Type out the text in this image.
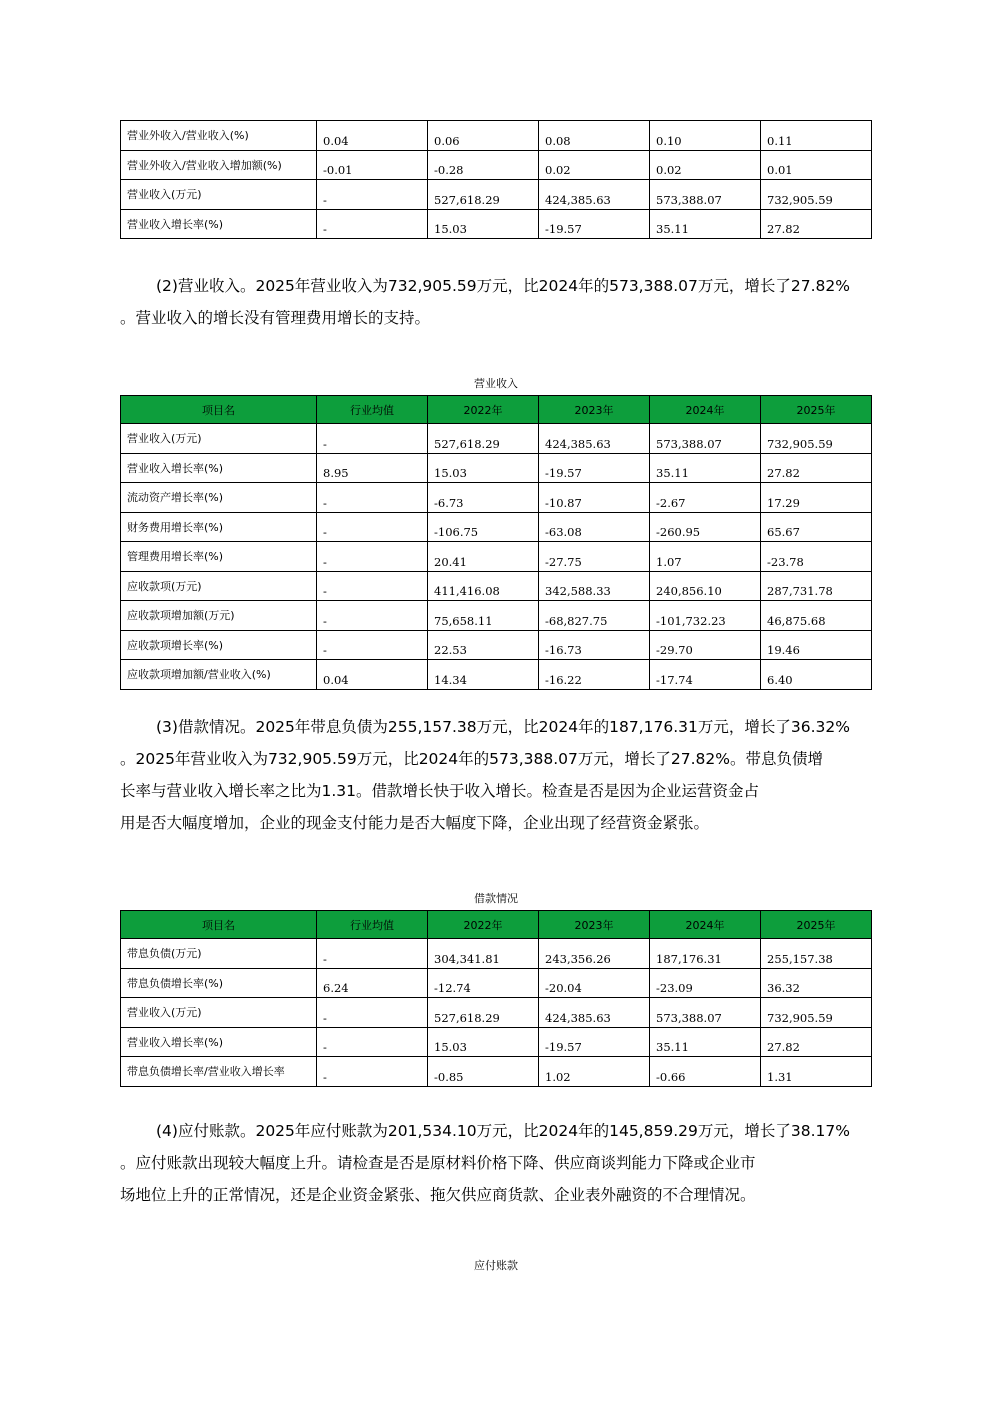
营业外收入/营业收入(%)	0.04	0.06	0.08	0.10	0.11
营业外收入/营业收入增加额(%)	-0.01	-0.28	0.02	0.02	0.01
营业收入(万元)	-	527,618.29	424,385.63	573,388.07	732,905.59
营业收入增长率(%)	-	15.03	-19.57	35.11	27.82
(2)营业收入。2025年营业收入为732,905.59万元，比2024年的573,388.07万元，增长了27.82%
。营业收入的增长没有管理费用增长的支持。
营业收入
项目名	行业均值	2022年	2023年	2024年	2025年
营业收入(万元)	-	527,618.29	424,385.63	573,388.07	732,905.59
营业收入增长率(%)	8.95	15.03	-19.57	35.11	27.82
流动资产增长率(%)	-	-6.73	-10.87	-2.67	17.29
财务费用增长率(%)	-	-106.75	-63.08	-260.95	65.67
管理费用增长率(%)	-	20.41	-27.75	1.07	-23.78
应收款项(万元)	-	411,416.08	342,588.33	240,856.10	287,731.78
应收款项增加额(万元)	-	75,658.11	-68,827.75	-101,732.23	46,875.68
应收款项增长率(%)	-	22.53	-16.73	-29.70	19.46
应收款项增加额/营业收入(%)	0.04	14.34	-16.22	-17.74	6.40
(3)借款情况。2025年带息负债为255,157.38万元，比2024年的187,176.31万元，增长了36.32%
。2025年营业收入为732,905.59万元，比2024年的573,388.07万元，增长了27.82%。带息负债增
长率与营业收入增长率之比为1.31。借款增长快于收入增长。检查是否是因为企业运营资金占
用是否大幅度增加，企业的现金支付能力是否大幅度下降，企业出现了经营资金紧张。
借款情况
项目名	行业均值	2022年	2023年	2024年	2025年
带息负债(万元)	-	304,341.81	243,356.26	187,176.31	255,157.38
带息负债增长率(%)	6.24	-12.74	-20.04	-23.09	36.32
营业收入(万元)	-	527,618.29	424,385.63	573,388.07	732,905.59
营业收入增长率(%)	-	15.03	-19.57	35.11	27.82
带息负债增长率/营业收入增长率	-	-0.85	1.02	-0.66	1.31
(4)应付账款。2025年应付账款为201,534.10万元，比2024年的145,859.29万元，增长了38.17%
。应付账款出现较大幅度上升。请检查是否是原材料价格下降、供应商谈判能力下降或企业市
场地位上升的正常情况，还是企业资金紧张、拖欠供应商货款、企业表外融资的不合理情况。
应付账款
